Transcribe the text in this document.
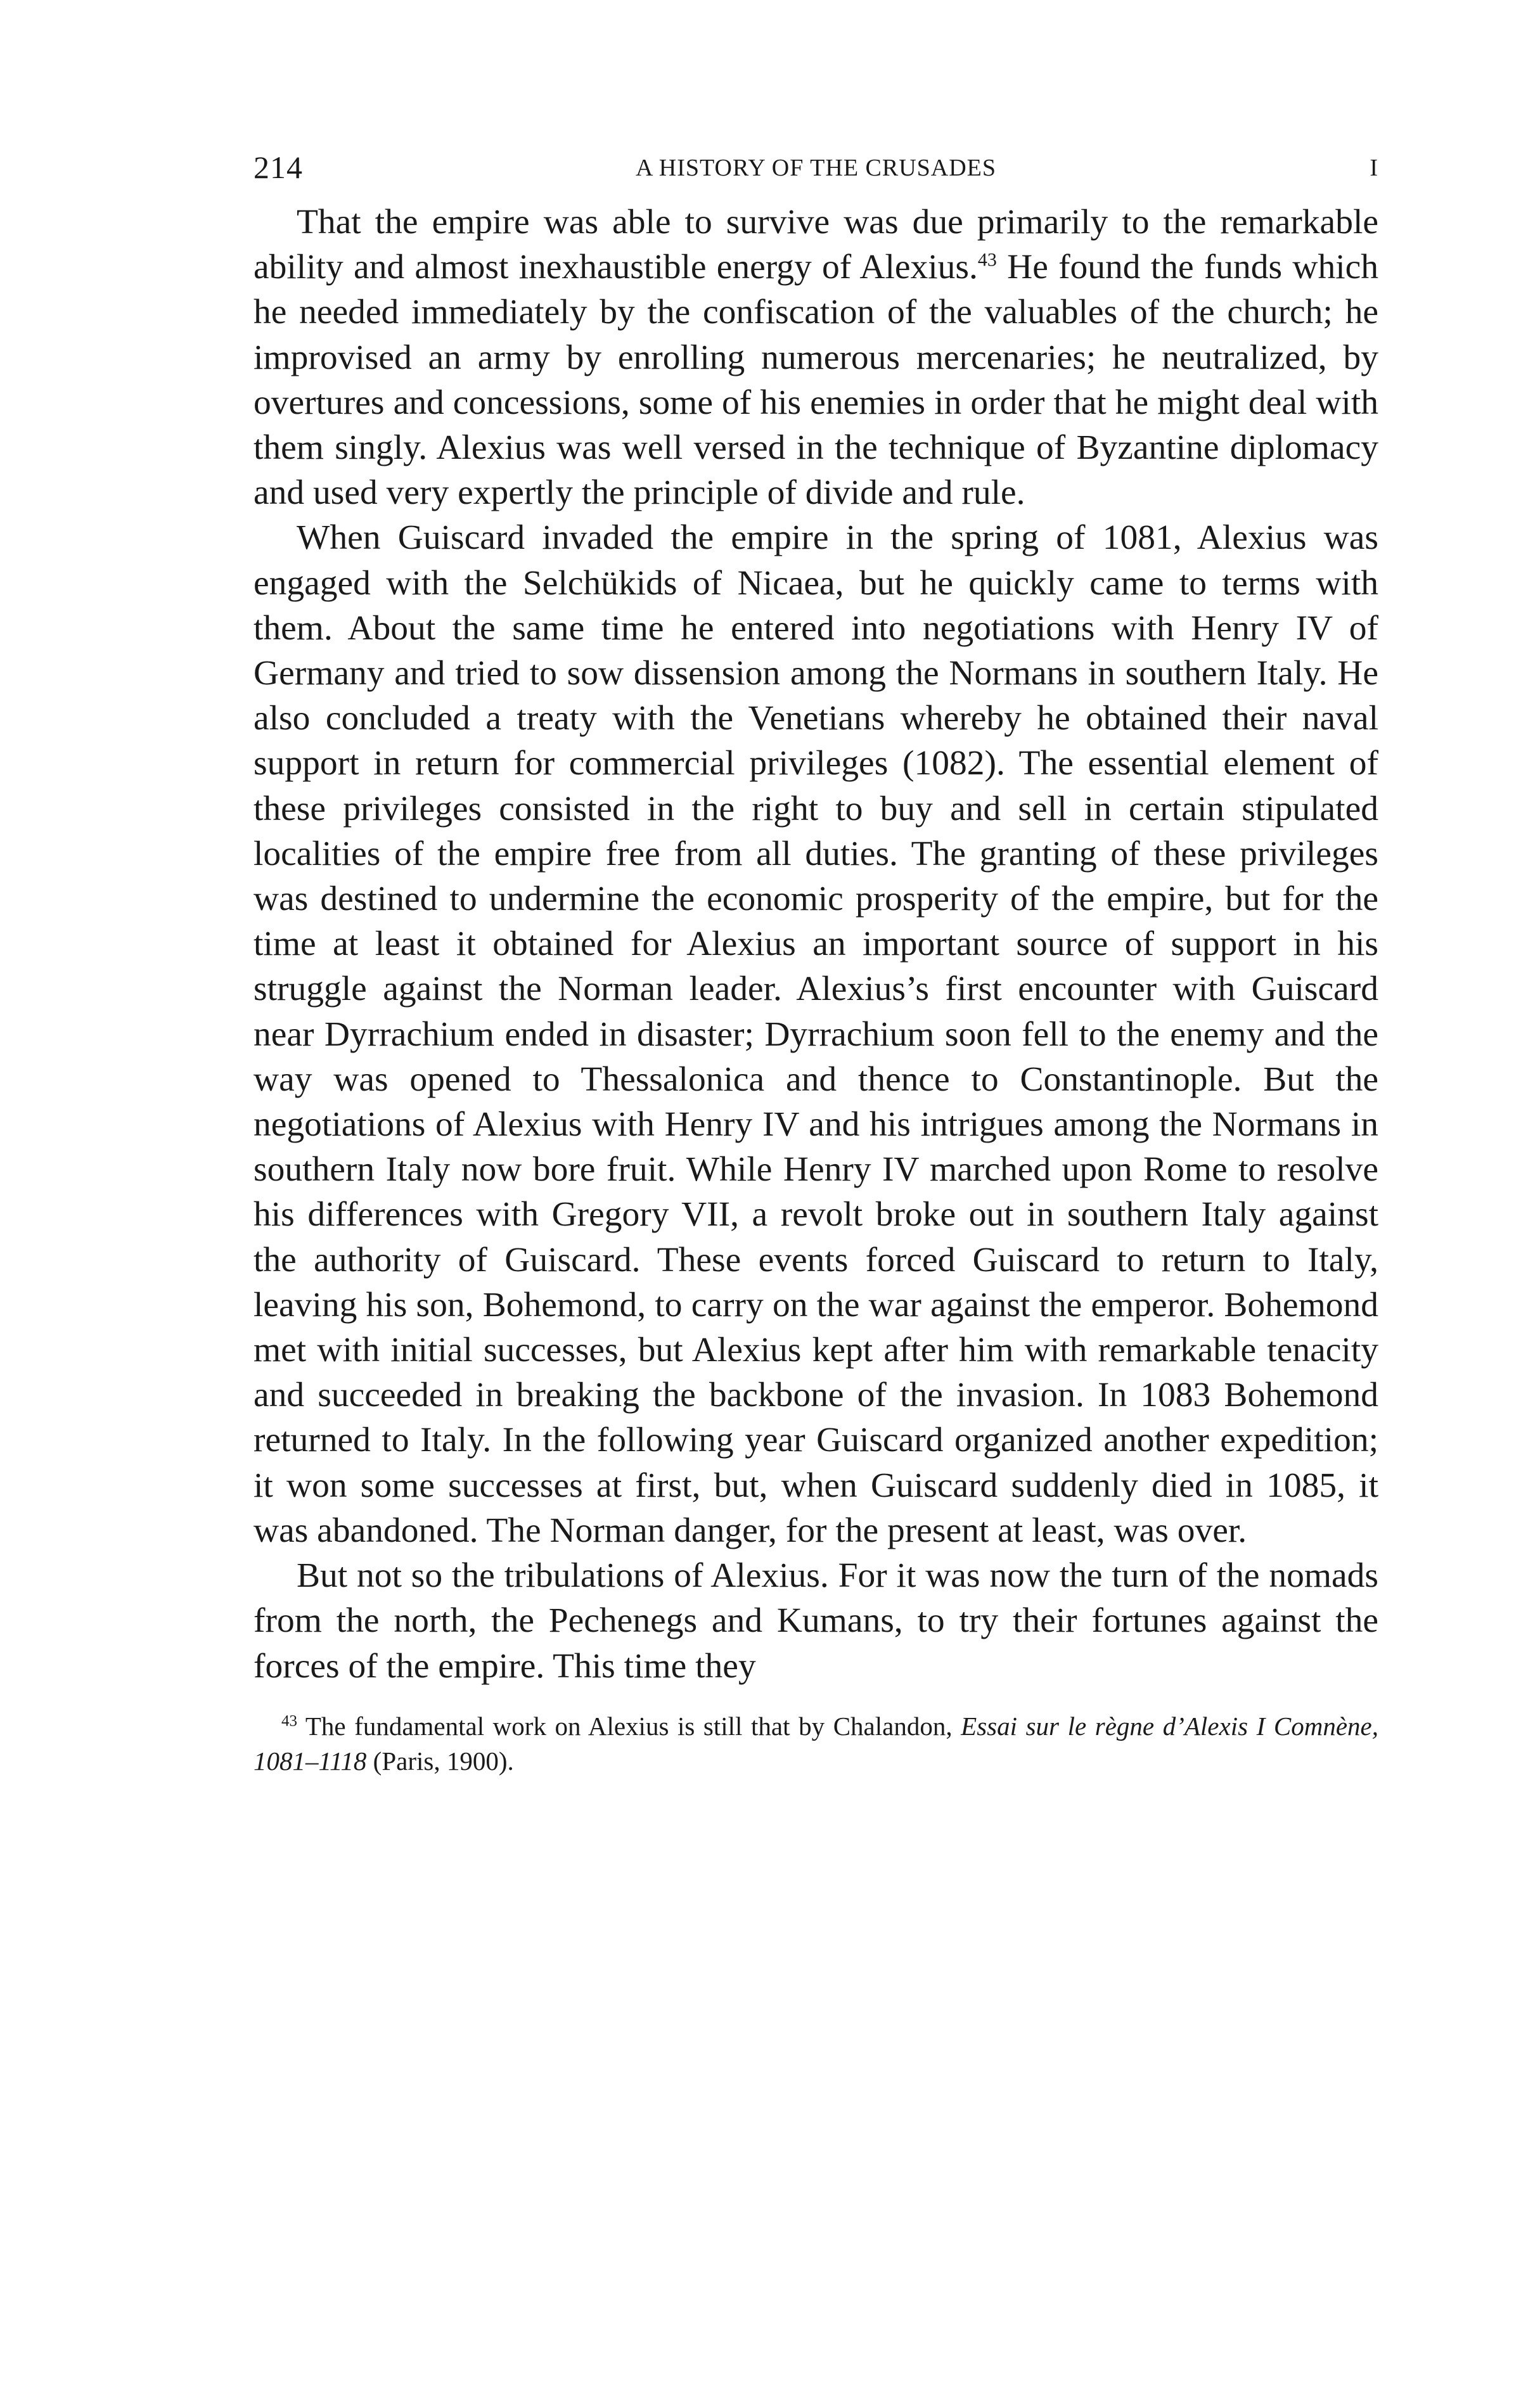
214	A HISTORY OF THE CRUSADES	I

That the empire was able to survive was due primarily to the remarkable ability and almost inexhaustible energy of Alexius.$^{43}$ He found the funds which he needed immediately by the confiscation of the valuables of the church; he improvised an army by enrolling numerous mercenaries; he neutralized, by overtures and concessions, some of his enemies in order that he might deal with them singly. Alexius was well versed in the technique of Byzantine diplomacy and used very expertly the principle of divide and rule.

When Guiscard invaded the empire in the spring of 1081, Alexius was engaged with the Selchükids of Nicaea, but he quickly came to terms with them. About the same time he entered into negotiations with Henry IV of Germany and tried to sow dissension among the Normans in southern Italy. He also concluded a treaty with the Venetians whereby he obtained their naval support in return for commercial privileges (1082). The essential element of these privileges consisted in the right to buy and sell in certain stipulated localities of the empire free from all duties. The granting of these privileges was destined to undermine the economic prosperity of the empire, but for the time at least it obtained for Alexius an important source of support in his struggle against the Norman leader. Alexius’s first encounter with Guiscard near Dyrrachium ended in disaster; Dyrrachium soon fell to the enemy and the way was opened to Thessalonica and thence to Constantinople. But the negotiations of Alexius with Henry IV and his intrigues among the Normans in southern Italy now bore fruit. While Henry IV marched upon Rome to resolve his differences with Gregory VII, a revolt broke out in southern Italy against the authority of Guiscard. These events forced Guiscard to return to Italy, leaving his son, Bohemond, to carry on the war against the emperor. Bohemond met with initial successes, but Alexius kept after him with remarkable tenacity and succeeded in breaking the backbone of the invasion. In 1083 Bohemond returned to Italy. In the following year Guiscard organized another expedition; it won some successes at first, but, when Guiscard suddenly died in 1085, it was abandoned. The Norman danger, for the present at least, was over.

But not so the tribulations of Alexius. For it was now the turn of the nomads from the north, the Pechenegs and Kumans, to try their fortunes against the forces of the empire. This time they

$^{43}$ The fundamental work on Alexius is still that by Chalandon, Essai sur le règne d’Alexis I Comnène, 1081–1118 (Paris, 1900).
